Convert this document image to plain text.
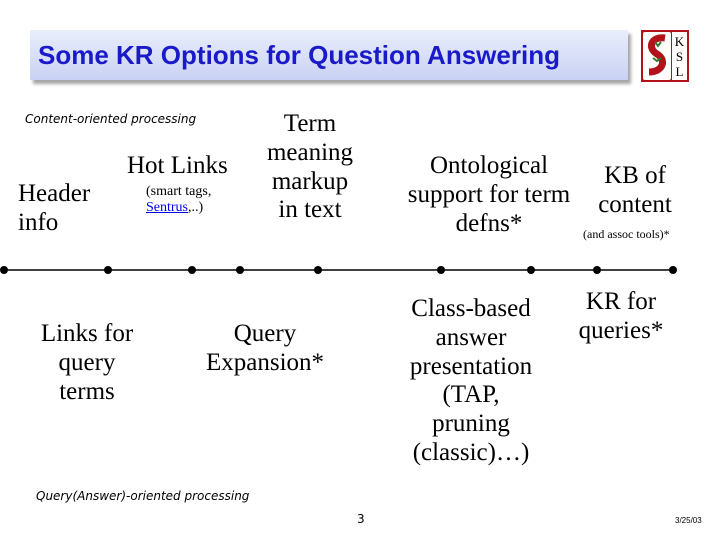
Some KR Options for Question Answering	K
S
L
Content-oriented processing
Header
info
Hot Links
(smart tags,
Sentrus,..)
Term
meaning
markup
in text
Ontological
support for term
defns*
KB of
content
(and assoc tools)*
Links for
query
terms
Query
Expansion*
Class-based
answer
presentation
(TAP,
pruning
(classic)…)
KR for
queries*
Query(Answer)-oriented processing
3	3/25/03
